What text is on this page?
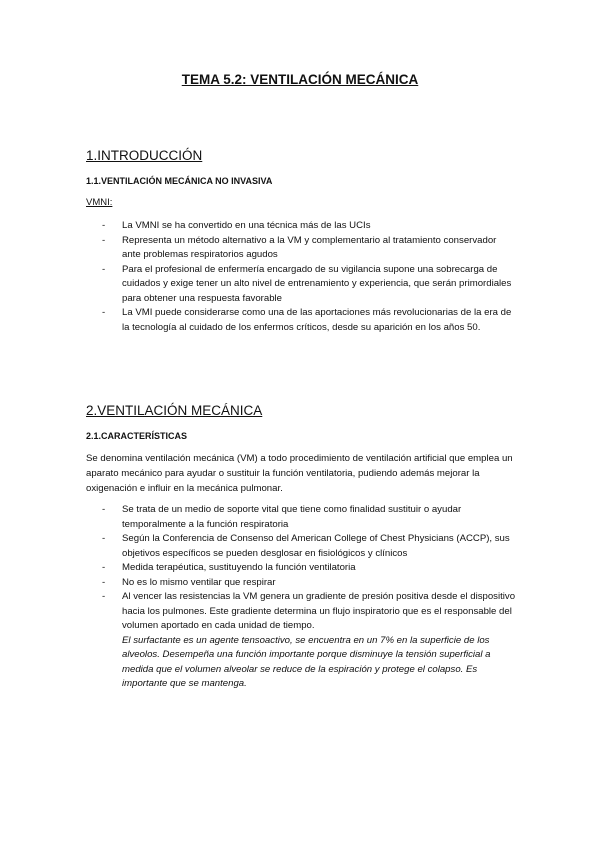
TEMA 5.2: VENTILACIÓN MECÁNICA
1.INTRODUCCIÓN
1.1.VENTILACIÓN MECÁNICA NO INVASIVA
VMNI:
- La VMNI se ha convertido en una técnica más de las UCIs
- Representa un método alternativo a la VM y complementario al tratamiento conservador ante problemas respiratorios agudos
- Para el profesional de enfermería encargado de su vigilancia supone una sobrecarga de cuidados y exige tener un alto nivel de entrenamiento y experiencia, que serán primordiales para obtener una respuesta favorable
- La VMI puede considerarse como una de las aportaciones más revolucionarias de la era de la tecnología al cuidado de los enfermos críticos, desde su aparición en los años 50.
2.VENTILACIÓN MECÁNICA
2.1.CARACTERÍSTICAS

Se denomina ventilación mecánica (VM) a todo procedimiento de ventilación artificial que emplea un aparato mecánico para ayudar o sustituir la función ventilatoria, pudiendo además mejorar la oxigenación e influir en la mecánica pulmonar.

- Se trata de un medio de soporte vital que tiene como finalidad sustituir o ayudar temporalmente a la función respiratoria
- Según la Conferencia de Consenso del American College of Chest Physicians (ACCP), sus objetivos específicos se pueden desglosar en fisiológicos y clínicos
- Medida terapéutica, sustituyendo la función ventilatoria
- No es lo mismo ventilar que respirar
- Al vencer las resistencias la VM genera un gradiente de presión positiva desde el dispositivo hacia los pulmones. Este gradiente determina un flujo inspiratorio que es el responsable del volumen aportado en cada unidad de tiempo.
El surfactante es un agente tensoactivo, se encuentra en un 7% en la superficie de los alveolos. Desempeña una función importante porque disminuye la tensión superficial a medida que el volumen alveolar se reduce de la espiración y protege el colapso. Es importante que se mantenga.
